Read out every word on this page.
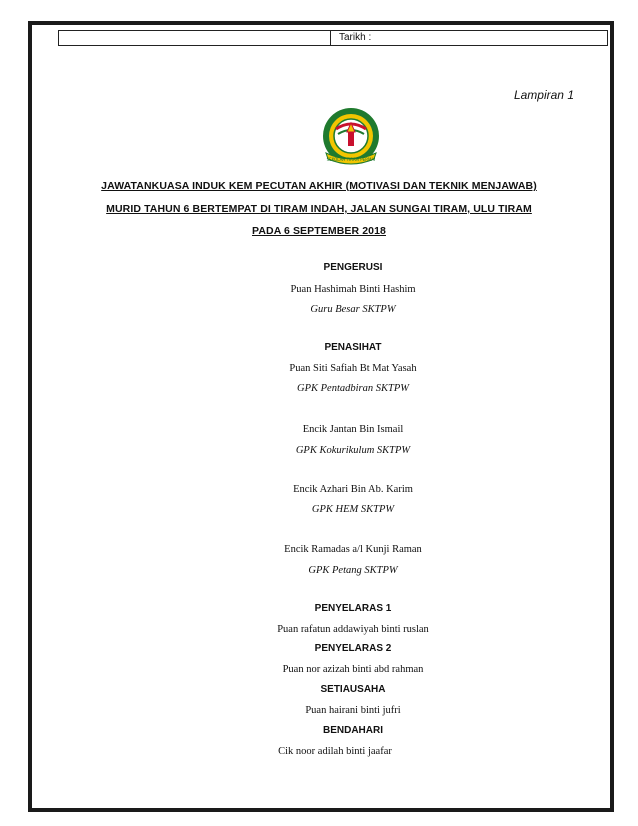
Tarikh :
Lampiran 1
SEKOLAH TIRAM PERMAI
JAWATANKUASA INDUK KEM PECUTAN AKHIR (MOTIVASI DAN TEKNIK MENJAWAB)
MURID TAHUN 6 BERTEMPAT DI TIRAM INDAH, JALAN SUNGAI TIRAM, ULU TIRAM
PADA 6 SEPTEMBER 2018
PENGERUSI
Puan Hashimah Binti Hashim
Guru Besar SKTPW
PENASIHAT
Puan Siti Safiah Bt Mat Yasah
GPK Pentadbiran SKTPW
Encik Jantan Bin Ismail
GPK Kokurikulum SKTPW
Encik Azhari Bin Ab. Karim
GPK HEM SKTPW
Encik Ramadas a/l Kunji Raman
GPK Petang SKTPW
PENYELARAS 1
Puan rafatun addawiyah binti ruslan
PENYELARAS 2
Puan nor azizah binti abd rahman
SETIAUSAHA
Puan hairani binti jufri
BENDAHARI
Cik noor adilah binti jaafar
